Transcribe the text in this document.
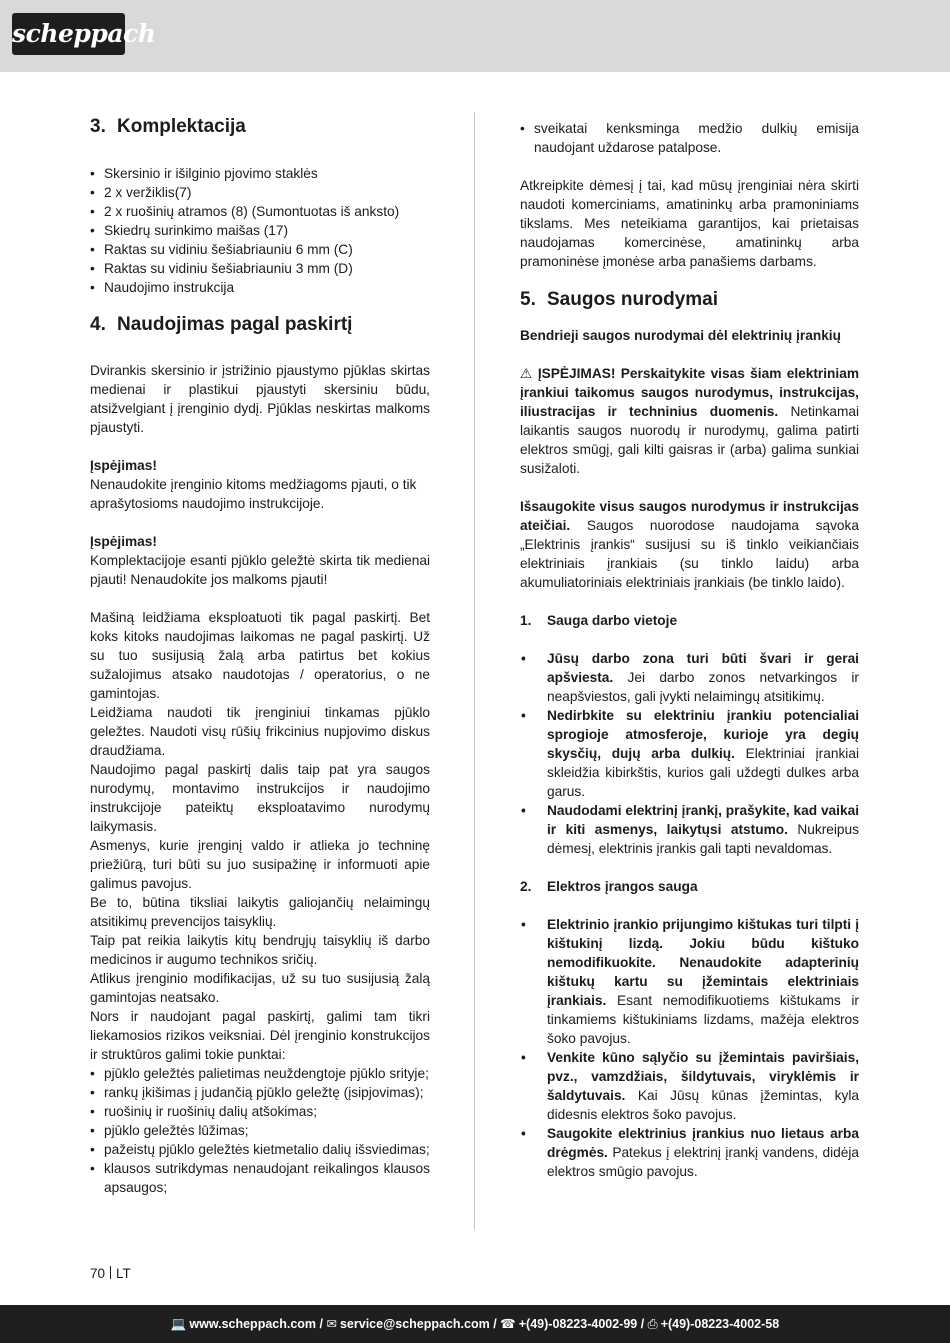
scheppach
3. Komplektacija
• Skersinio ir išilginio pjovimo staklės
• 2 x veržiklis(7)
• 2 x ruošinių atramos (8) (Sumontuotas iš anksto)
• Skiedrų surinkimo maišas (17)
• Raktas su vidiniu šešiabriauniu 6 mm (C)
• Raktas su vidiniu šešiabriauniu 3 mm (D)
• Naudojimo instrukcija
4. Naudojimas pagal paskirtį

Dvirankis skersinio ir įstrižinio pjaustymo pjūklas skirtas medienai ir plastikui pjaustyti skersiniu būdu, atsižvelgiant į įrenginio dydį. Pjūklas neskirtas malkoms pjaustyti.

Įspėjimas!

Nenaudokite įrenginio kitoms medžiagoms pjauti, o tik aprašytosioms naudojimo instrukcijoje.

Įspėjimas!

Komplektacijoje esanti pjūklo geležtė skirta tik medienai pjauti! Nenaudokite jos malkoms pjauti!

Mašiną leidžiama eksploatuoti tik pagal paskirtį. Bet koks kitoks naudojimas laikomas ne pagal paskirtį. Už su tuo susijusią žalą arba patirtus bet kokius sužalojimus atsako naudotojas / operatorius, o ne gamintojas.

Leidžiama naudoti tik įrenginiui tinkamas pjūklo geležtes. Naudoti visų rūšių frikcinius nupjovimo diskus draudžiama.

Naudojimo pagal paskirtį dalis taip pat yra saugos nurodymų, montavimo instrukcijos ir naudojimo instrukcijoje pateiktų eksploatavimo nurodymų laikymasis.

Asmenys, kurie įrenginį valdo ir atlieka jo techninę priežiūrą, turi būti su juo susipažinę ir informuoti apie galimus pavojus.

Be to, būtina tiksliai laikytis galiojančių nelaimingų atsitikimų prevencijos taisyklių.

Taip pat reikia laikytis kitų bendrųjų taisyklių iš darbo medicinos ir augumo technikos sričių.

Atlikus įrenginio modifikacijas, už su tuo susijusią žalą gamintojas neatsako.

Nors ir naudojant pagal paskirtį, galimi tam tikri liekamosios rizikos veiksniai. Dėl įrenginio konstrukcijos ir struktūros galimi tokie punktai:

• pjūklo geležtės palietimas neuždengtoje pjūklo srityje;
• rankų įkišimas į judančią pjūklo geležtę (įsipjovimas);
• ruošinių ir ruošinių dalių atšokimas;
• pjūklo geležtės lūžimas;
• pažeistų pjūklo geležtės kietmetalio dalių išsviedimas;
• klausos sutrikdymas nenaudojant reikalingos klausos apsaugos;
• sveikatai kenksminga medžio dulkių emisija naudojant uždarose patalpose.

Atkreipkite dėmesį į tai, kad mūsų įrenginiai nėra skirti naudoti komerciniams, amatininkų arba pramoniniams tikslams. Mes neteikiama garantijos, kai prietaisas naudojamas komercinėse, amatininkų arba pramoninėse įmonėse arba panašiems darbams.

5. Saugos nurodymai

Bendrieji saugos nurodymai dėl elektrinių įrankių

⚠ ĮSPĖJIMAS! Perskaitykite visas šiam elektriniam įrankiui taikomus saugos nurodymus, instrukcijas, iliustracijas ir techninius duomenis. Netinkamai laikantis saugos nuorodų ir nurodymų, galima patirti elektros smūgį, gali kilti gaisras ir (arba) galima sunkiai susižaloti.

Išsaugokite visus saugos nurodymus ir instrukcijas ateičiai. Saugos nuorodose naudojama sąvoka „Elektrinis įrankis“ susijusi su iš tinklo veikiančiais elektriniais įrankiais (su tinklo laidu) arba akumuliatoriniais elektriniais įrankiais (be tinklo laido).

1. Sauga darbo vietoje

• Jūsų darbo zona turi būti švari ir gerai apšviesta. Jei darbo zonos netvarkingos ir neapšviestos, gali įvykti nelaimingų atsitikimų.
• Nedirbkite su elektriniu įrankiu potencialiai sprogioje atmosferoje, kurioje yra degių skysčių, dujų arba dulkių. Elektriniai įrankiai skleidžia kibirkštis, kurios gali uždegti dulkes arba garus.
• Naudodami elektrinį įrankį, prašykite, kad vaikai ir kiti asmenys, laikytųsi atstumo. Nukreipus dėmesį, elektrinis įrankis gali tapti nevaldomas.

2. Elektros įrangos sauga

• Elektrinio įrankio prijungimo kištukas turi tilpti į kištukinį lizdą. Jokiu būdu kištuko nemodifikuokite. Nenaudokite adapterinių kištukų kartu su įžemintais elektriniais įrankiais. Esant nemodifikuotiems kištukams ir tinkamiems kištukiniams lizdams, mažėja elektros šoko pavojus.
• Venkite kūno sąlyčio su įžemintais paviršiais, pvz., vamzdžiais, šildytuvais, viryklėmis ir šaldytuvais. Kai Jūsų kūnas įžemintas, kyla didesnis elektros šoko pavojus.
• Saugokite elektrinius įrankius nuo lietaus arba drėgmės. Patekus į elektrinį įrankį vandens, didėja elektros smūgio pavojus.
70 LT
💻 www.scheppach.com / ✉ service@scheppach.com / ☎ +(49)-08223-4002-99 / ⎙ +(49)-08223-4002-58
